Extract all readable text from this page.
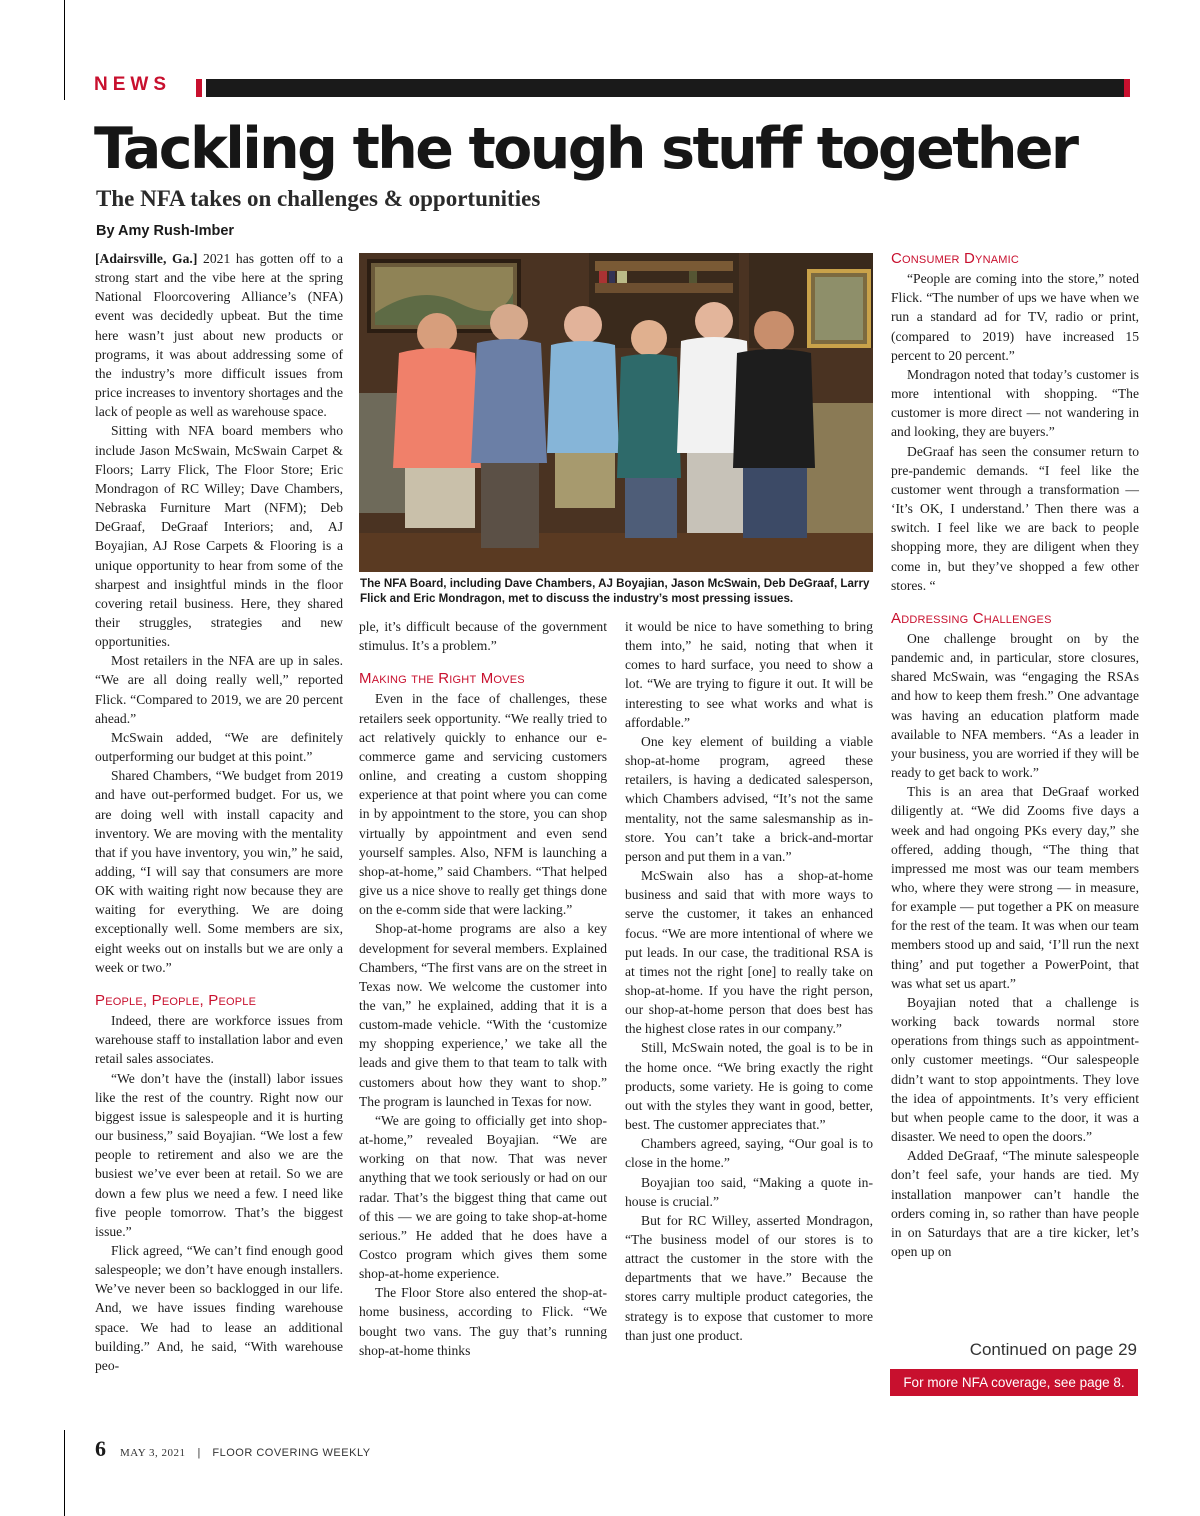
NEWS
Tackling the tough stuff together
The NFA takes on challenges & opportunities
By Amy Rush-Imber

[Adairsville, Ga.] 2021 has gotten off to a strong start and the vibe here at the spring National Floorcovering Alliance’s (NFA) event was decidedly upbeat. But the time here wasn’t just about new products or programs, it was about addressing some of the industry’s more difficult issues from price increases to inventory shortages and the lack of people as well as warehouse space.

Sitting with NFA board members who include Jason McSwain, McSwain Carpet & Floors; Larry Flick, The Floor Store; Eric Mondragon of RC Willey; Dave Chambers, Nebraska Furniture Mart (NFM); Deb DeGraaf, DeGraaf Interiors; and, AJ Boyajian, AJ Rose Carpets & Flooring is a unique opportunity to hear from some of the sharpest and insightful minds in the floor covering retail business. Here, they shared their struggles, strategies and new opportunities.

Most retailers in the NFA are up in sales. “We are all doing really well,” reported Flick. “Compared to 2019, we are 20 percent ahead.”

McSwain added, “We are definitely outperforming our budget at this point.”

Shared Chambers, “We budget from 2019 and have out-performed budget. For us, we are doing well with install capacity and inventory. We are moving with the mentality that if you have inventory, you win,” he said, adding, “I will say that consumers are more OK with waiting right now because they are waiting for everything. We are doing exceptionally well. Some members are six, eight weeks out on installs but we are only a week or two.”

People, People, People

Indeed, there are workforce issues from warehouse staff to installation labor and even retail sales associates.

“We don’t have the (install) labor issues like the rest of the country. Right now our biggest issue is salespeople and it is hurting our business,” said Boyajian. “We lost a few people to retirement and also we are the busiest we’ve ever been at retail. So we are down a few plus we need a few. I need like five people tomorrow. That’s the biggest issue.”

Flick agreed, “We can’t find enough good salespeople; we don’t have enough installers. We’ve never been so backlogged in our life. And, we have issues finding warehouse space. We had to lease an additional building.” And, he said, “With warehouse peo-

The NFA Board, including Dave Chambers, AJ Boyajian, Jason McSwain, Deb DeGraaf, Larry Flick and Eric Mondragon, met to discuss the industry’s most pressing issues.

ple, it’s difficult because of the government stimulus. It’s a problem.”

Making the Right Moves

Even in the face of challenges, these retailers seek opportunity. “We really tried to act relatively quickly to enhance our e-commerce game and servicing customers online, and creating a custom shopping experience at that point where you can come in by appointment to the store, you can shop virtually by appointment and even send yourself samples. Also, NFM is launching a shop-at-home,” said Chambers. “That helped give us a nice shove to really get things done on the e-comm side that were lacking.”

Shop-at-home programs are also a key development for several members. Explained Chambers, “The first vans are on the street in Texas now. We welcome the customer into the van,” he explained, adding that it is a custom-made vehicle. “With the ‘customize my shopping experience,’ we take all the leads and give them to that team to talk with customers about how they want to shop.” The program is launched in Texas for now.

“We are going to officially get into shop-at-home,” revealed Boyajian. “We are working on that now. That was never anything that we took seriously or had on our radar. That’s the biggest thing that came out of this — we are going to take shop-at-home serious.” He added that he does have a Costco program which gives them some shop-at-home experience.

The Floor Store also entered the shop-at-home business, according to Flick. “We bought two vans. The guy that’s running shop-at-home thinks

it would be nice to have something to bring them into,” he said, noting that when it comes to hard surface, you need to show a lot. “We are trying to figure it out. It will be interesting to see what works and what is affordable.”

One key element of building a viable shop-at-home program, agreed these retailers, is having a dedicated salesperson, which Chambers advised, “It’s not the same mentality, not the same salesmanship as in-store. You can’t take a brick-and-mortar person and put them in a van.”

McSwain also has a shop-at-home business and said that with more ways to serve the customer, it takes an enhanced focus. “We are more intentional of where we put leads. In our case, the traditional RSA is at times not the right [one] to really take on shop-at-home. If you have the right person, our shop-at-home person that does best has the highest close rates in our company.”

Still, McSwain noted, the goal is to be in the home once. “We bring exactly the right products, some variety. He is going to come out with the styles they want in good, better, best. The customer appreciates that.”

Chambers agreed, saying, “Our goal is to close in the home.”

Boyajian too said, “Making a quote in-house is crucial.”

But for RC Willey, asserted Mondragon, “The business model of our stores is to attract the customer in the store with the departments that we have.” Because the stores carry multiple product categories, the strategy is to expose that customer to more than just one product.

Consumer Dynamic

“People are coming into the store,” noted Flick. “The number of ups we have when we run a standard ad for TV, radio or print, (compared to 2019) have increased 15 percent to 20 percent.”

Mondragon noted that today’s customer is more intentional with shopping. “The customer is more direct — not wandering in and looking, they are buyers.”

DeGraaf has seen the consumer return to pre-pandemic demands. “I feel like the customer went through a transformation — ‘It’s OK, I understand.’ Then there was a switch. I feel like we are back to people shopping more, they are diligent when they come in, but they’ve shopped a few other stores. “

Addressing Challenges

One challenge brought on by the pandemic and, in particular, store closures, shared McSwain, was “engaging the RSAs and how to keep them fresh.” One advantage was having an education platform made available to NFA members. “As a leader in your business, you are worried if they will be ready to get back to work.”

This is an area that DeGraaf worked diligently at. “We did Zooms five days a week and had ongoing PKs every day,” she offered, adding though, “The thing that impressed me most was our team members who, where they were strong — in measure, for example — put together a PK on measure for the rest of the team. It was when our team members stood up and said, ‘I’ll run the next thing’ and put together a PowerPoint, that was what set us apart.”

Boyajian noted that a challenge is working back towards normal store operations from things such as appointment-only customer meetings. “Our salespeople didn’t want to stop appointments. They love the idea of appointments. It’s very efficient but when people came to the door, it was a disaster. We need to open the doors.”

Added DeGraaf, “The minute salespeople don’t feel safe, your hands are tied. My installation manpower can’t handle the orders coming in, so rather than have people in on Saturdays that are a tire kicker, let’s open up on

Continued on page 29
For more NFA coverage, see page 8.
6 MAY 3, 2021 | FLOOR COVERING WEEKLY
